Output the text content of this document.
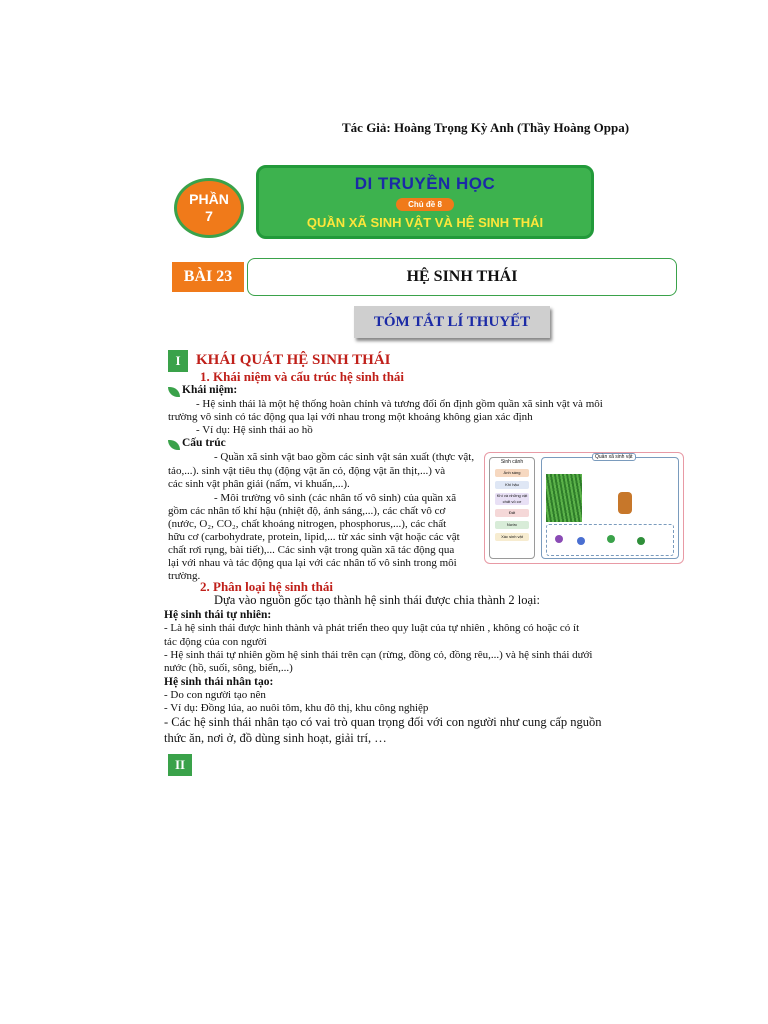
Tác Giả: Hoàng Trọng Kỳ Anh (Thầy Hoàng Oppa)
PHẦN
7
DI TRUYỀN HỌC
Chủ đề 8
QUẦN XÃ SINH VẬT VÀ HỆ SINH THÁI
BÀI 23	HỆ SINH THÁI
TÓM TẮT LÍ THUYẾT
I	KHÁI QUÁT HỆ SINH THÁI
1. Khái niệm và cấu trúc hệ sinh thái
Khái niệm:
- Hệ sinh thái là một hệ thống hoàn chỉnh và tương đối ổn định gồm quần xã sinh vật và môi
trường vô sinh có tác động qua lại với nhau trong một khoảng không gian xác định
- Ví dụ: Hệ sinh thái ao hồ
Cấu trúc
- Quần xã sinh vật bao gồm các sinh vật sản xuất (thực vật,
tảo,...). sinh vật tiêu thụ (động vật ăn cỏ, động vật ăn thịt,...) và
các sinh vật phân giải (nấm, vi khuẩn,...).
- Môi trường vô sinh (các nhân tố vô sinh) của quần xã
gồm các nhân tố khí hậu (nhiệt độ, ánh sáng,...), các chất vô cơ
(nước, O₂, CO₂, chất khoáng nitrogen, phosphorus,...), các chất
hữu cơ (carbohydrate, protein, lipid,... từ xác sinh vật hoặc các vật
chất rơi rụng, bài tiết),... Các sinh vật trong quần xã tác động qua
lại với nhau và tác động qua lại với các nhân tố vô sinh trong môi
trường.
Sinh cảnh
Ánh sáng
Khí hậu
Khí và những vật chất vô cơ
Đất
Nước
Xác sinh vật
Quần xã sinh vật
2. Phân loại hệ sinh thái
Dựa vào nguồn gốc tạo thành hệ sinh thái được chia thành 2 loại:
Hệ sinh thái tự nhiên:
- Là hệ sinh thái được hình thành và phát triển theo quy luật của tự nhiên , không có hoặc có ít
tác động của con người
- Hệ sinh thái tự nhiên gồm hệ sinh thái trên cạn (rừng, đồng cỏ, đồng rêu,...) và hệ sinh thái dưới
nước (hồ, suối, sông, biển,...)
Hệ sinh thái nhân tạo:
- Do con người tạo nên
- Ví dụ: Đồng lúa, ao nuôi tôm, khu đô thị, khu công nghiệp
- Các hệ sinh thái nhân tạo có vai trò quan trọng đối với con người như cung cấp nguồn
thức ăn, nơi ở, đồ dùng sinh hoạt, giải trí, …
II
